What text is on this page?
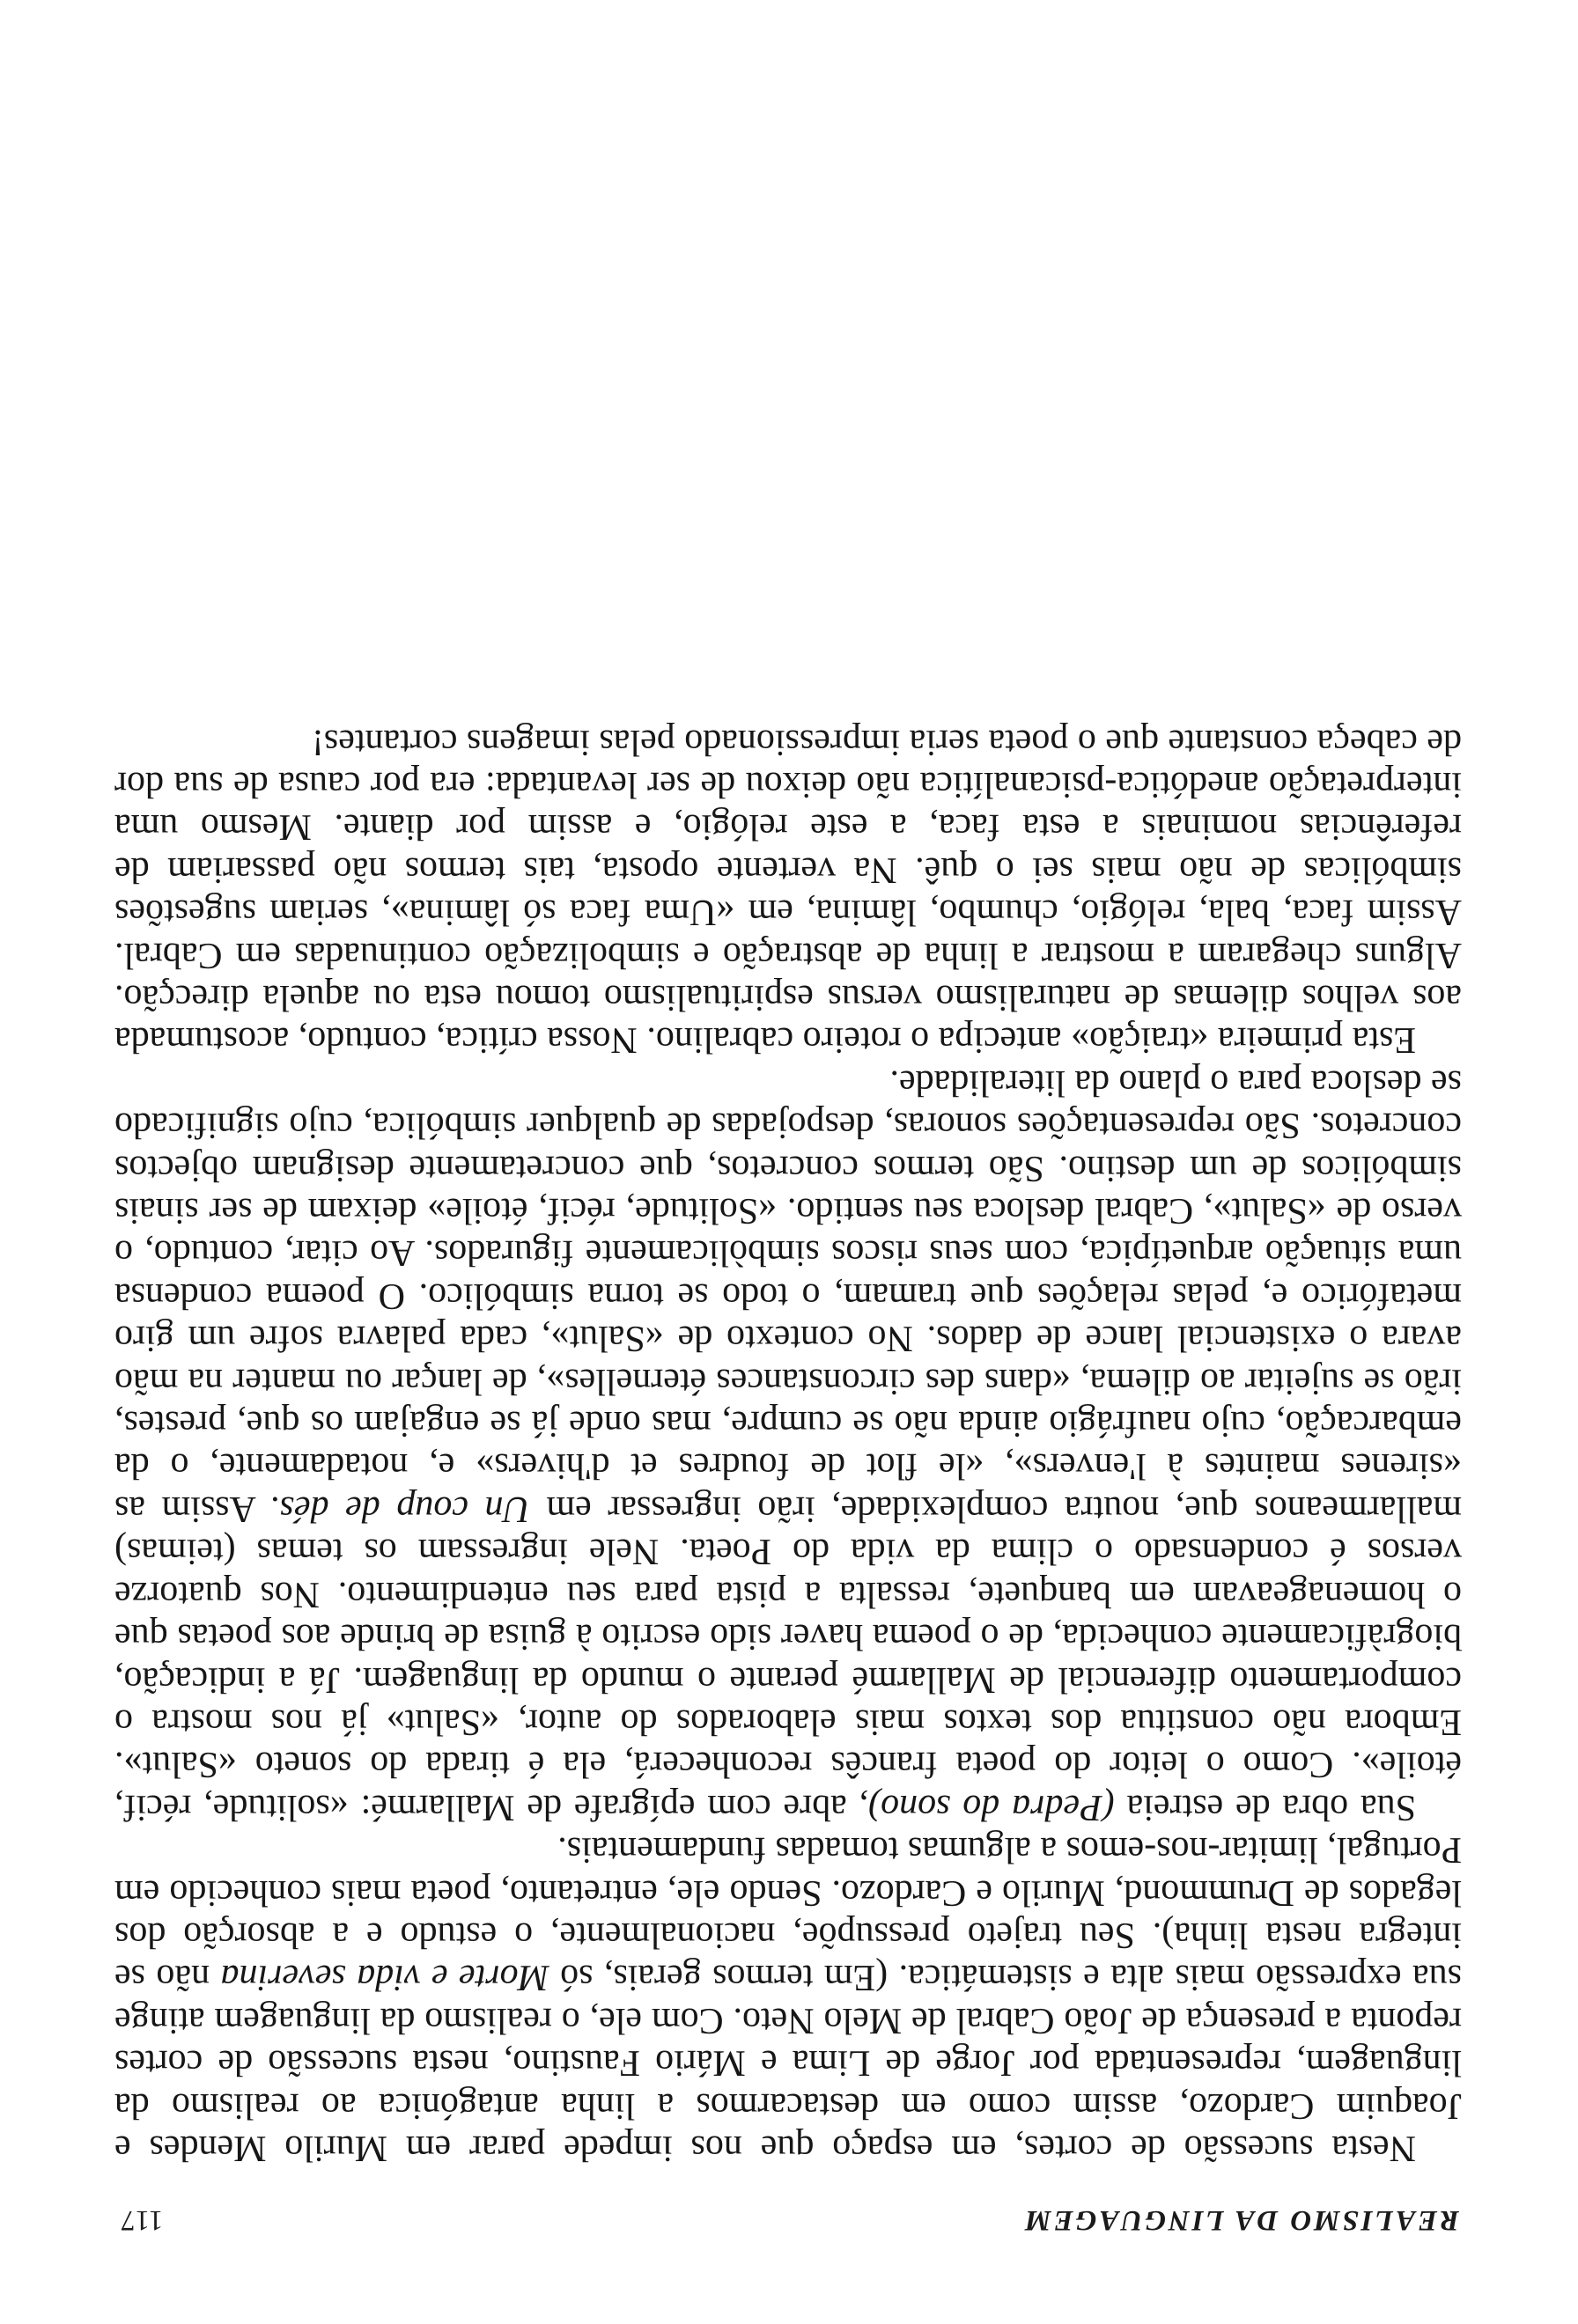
REALISMO DA LINGUAGEM
117

Nesta sucessão de cortes, em espaço que nos impede parar em Murilo Mendes e Joaquim Cardozo, assim como em destacarmos a linha antagónica ao realismo da linguagem, representada por Jorge de Lima e Mário Faustino, nesta sucessão de cortes reponta a presença de João Cabral de Melo Neto. Com ele, o realismo da linguagem atinge sua expressão mais alta e sistemática. (Em termos gerais, só Morte e vida severina não se integra nesta linha). Seu trajeto pressupõe, nacionalmente, o estudo e a absorção dos legados de Drummond, Murilo e Cardozo. Sendo ele, entretanto, poeta mais conhecido em Portugal, limitar-nos-emos a algumas tomadas fundamentais.

Sua obra de estreia (Pedra do sono), abre com epígrafe de Mallarmé: «solitude, récif, étoile». Como o leitor do poeta francês reconhecerá, ela é tirada do soneto «Salut». Embora não constitua dos textos mais elaborados do autor, «Salut» já nos mostra o comportamento diferencial de Mallarmé perante o mundo da linguagem. Já a indicação, biogràficamente conhecida, de o poema haver sido escrito à guisa de brinde aos poetas que o homenageavam em banquete, ressalta a pista para seu entendimento. Nos quatorze versos é condensado o clima da vida do Poeta. Nele ingressam os temas (teimas) mallarmeanos que, noutra complexidade, irão ingressar em Un coup de dés. Assim as «sirenes maintes à l'envers», «le flot de foudres et d'hivers» e, notadamente, o da embarcação, cujo naufrágio ainda não se cumpre, mas onde já se engajam os que, prestes, irão se sujeitar ao dilema, «dans des circonstances éternelles», de lançar ou manter na mão avara o existencial lance de dados. No contexto de «Salut», cada palavra sofre um giro metafórico e, pelas relações que tramam, o todo se torna simbólico. O poema condensa uma situação arquetípica, com seus riscos simbòlicamente figurados. Ao citar, contudo, o verso de «Salut», Cabral desloca seu sentido. «Solitude, récif, étoile» deixam de ser sinais simbólicos de um destino. São termos concretos, que concretamente designam objectos concretos. São representações sonoras, despojadas de qualquer simbólica, cujo significado se desloca para o plano da literalidade.

Esta primeira «traição» antecipa o roteiro cabralino. Nossa crítica, contudo, acostumada aos velhos dilemas de naturalismo versus espiritualismo tomou esta ou aquela direcção. Alguns chegaram a mostrar a linha de abstração e simbolização continuadas em Cabral. Assim faca, bala, relógio, chumbo, lâmina, em «Uma faca só lâmina», seriam sugestões simbólicas de não mais sei o quê. Na vertente oposta, tais termos não passariam de referências nominais a esta faca, a este relógio, e assim por diante. Mesmo uma interpretação anedótica-psicanalítica não deixou de ser levantada: era por causa de sua dor de cabeça constante que o poeta seria impressionado pelas imagens cortantes!
